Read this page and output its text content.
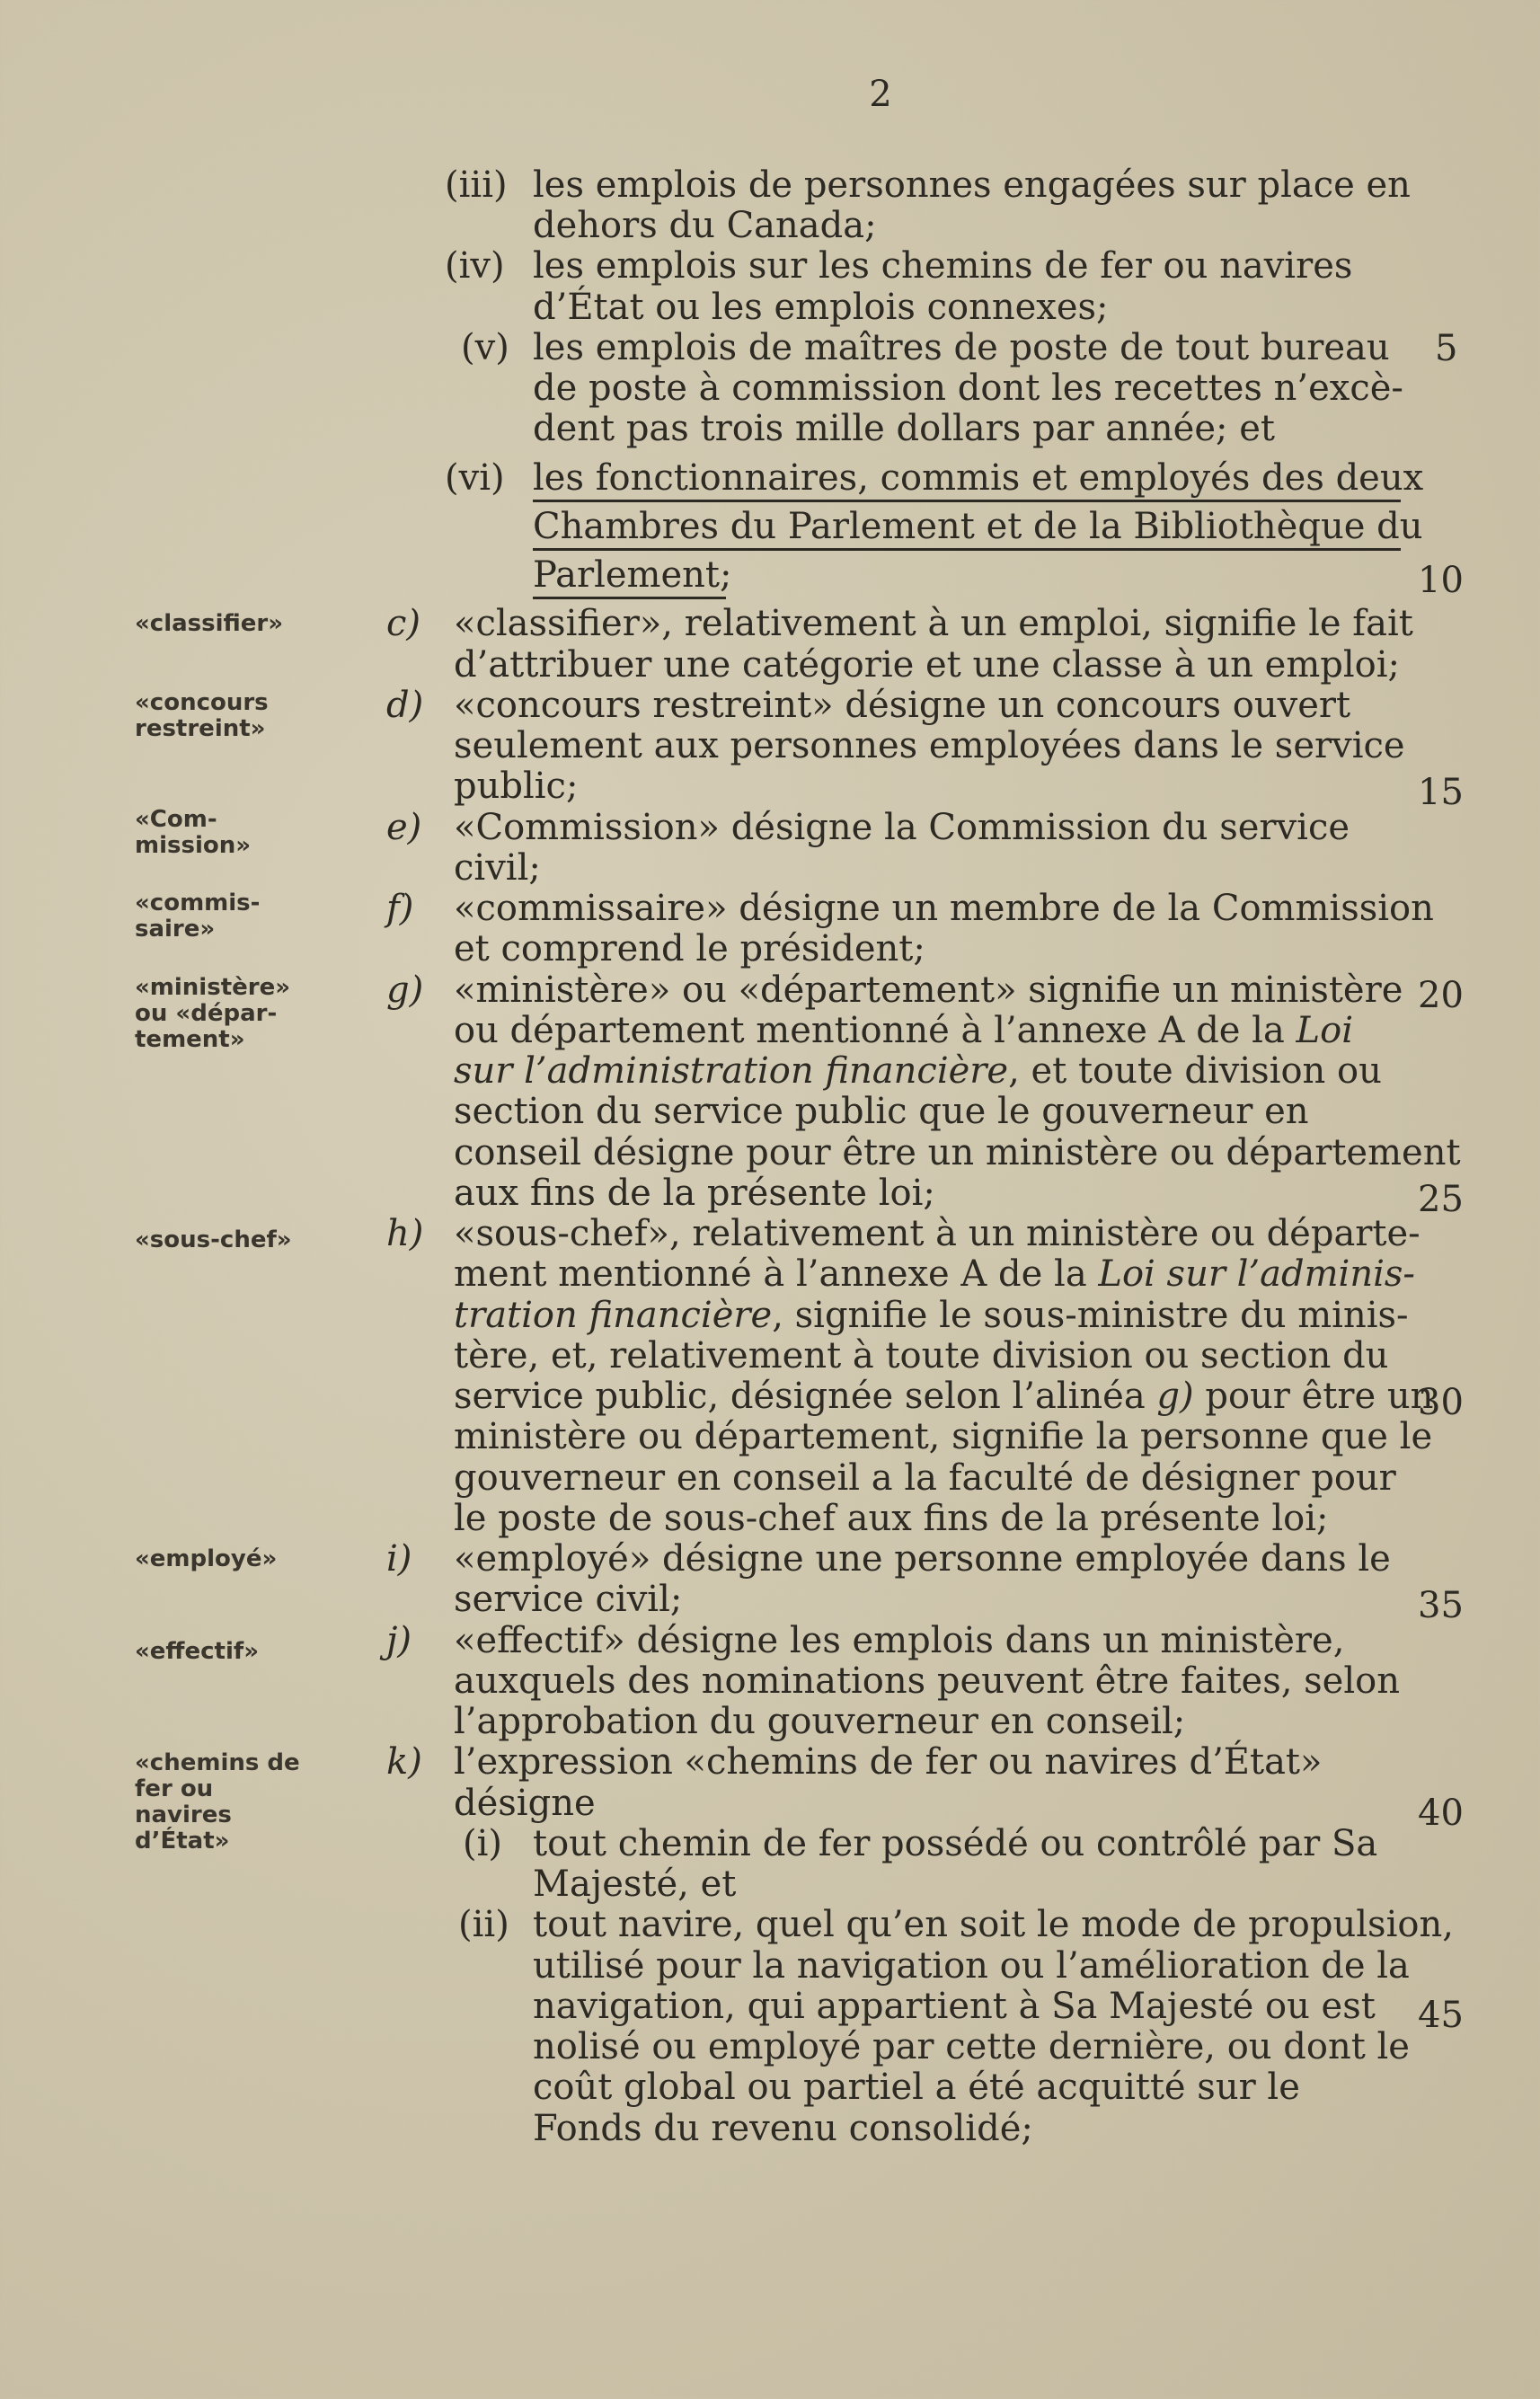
2
(iii) les emplois de personnes engagées sur place en
dehors du Canada;
(iv) les emplois sur les chemins de fer ou navires
d’État ou les emplois connexes;
(v) les emplois de maîtres de poste de tout bureau
de poste à commission dont les recettes n’excè-
dent pas trois mille dollars par année; et
(vi) les fonctionnaires, commis et employés des deux
Chambres du Parlement et de la Bibliothèque du
Parlement;
c) «classifier», relativement à un emploi, signifie le fait
d’attribuer une catégorie et une classe à un emploi;
d) «concours restreint» désigne un concours ouvert
seulement aux personnes employées dans le service
public;
e) «Commission» désigne la Commission du service
civil;
f) «commissaire» désigne un membre de la Commission
et comprend le président;
g) «ministère» ou «département» signifie un ministère
ou département mentionné à l’annexe A de la Loi
sur l’administration financière, et toute division ou
section du service public que le gouverneur en
conseil désigne pour être un ministère ou département
aux fins de la présente loi;
h) «sous-chef», relativement à un ministère ou départe-
ment mentionné à l’annexe A de la Loi sur l’adminis-
tration financière, signifie le sous-ministre du minis-
tère, et, relativement à toute division ou section du
service public, désignée selon l’alinéa g) pour être un
ministère ou département, signifie la personne que le
gouverneur en conseil a la faculté de désigner pour
le poste de sous-chef aux fins de la présente loi;
i) «employé» désigne une personne employée dans le
service civil;
j) «effectif» désigne les emplois dans un ministère,
auxquels des nominations peuvent être faites, selon
l’approbation du gouverneur en conseil;
k) l’expression «chemins de fer ou navires d’État»
désigne
(i) tout chemin de fer possédé ou contrôlé par Sa
Majesté, et
(ii) tout navire, quel qu’en soit le mode de propulsion,
utilisé pour la navigation ou l’amélioration de la
navigation, qui appartient à Sa Majesté ou est
nolisé ou employé par cette dernière, ou dont le
coût global ou partiel a été acquitté sur le
Fonds du revenu consolidé;
«classifier»
«concours
restreint»
«Com-
mission»
«commis-
saire»
«ministère»
ou «dépar-
tement»
«sous-chef»
«employé»
«effectif»
«chemins de
fer ou
navires
d’État»
5
10
15
20
25
30
35
40
45
